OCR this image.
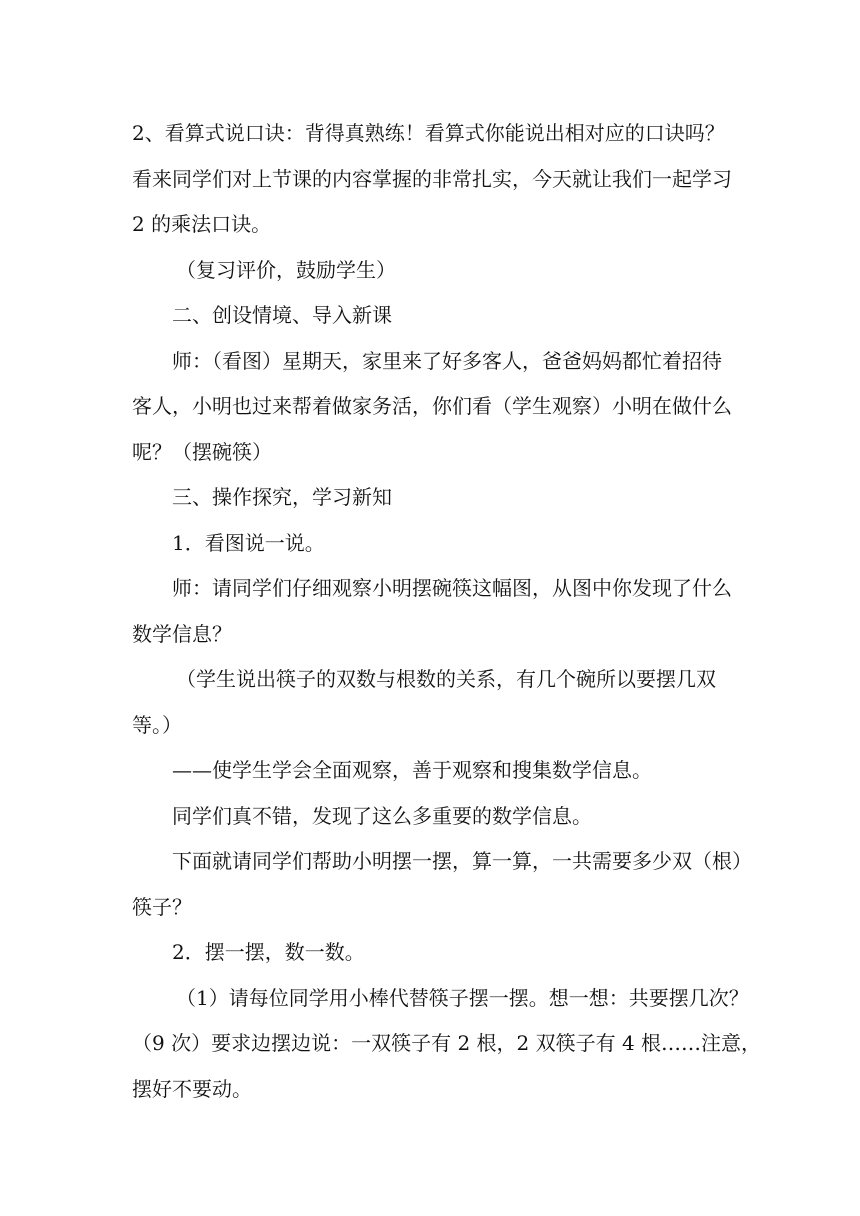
2、看算式说口诀：背得真熟练！看算式你能说出相对应的口诀吗？
看来同学们对上节课的内容掌握的非常扎实，今天就让我们一起学习
2 的乘法口诀。

（复习评价，鼓励学生）

二、创设情境、导入新课

师：（看图）星期天，家里来了好多客人，爸爸妈妈都忙着招待
客人，小明也过来帮着做家务活，你们看（学生观察）小明在做什么
呢？（摆碗筷）

三、操作探究，学习新知

1．看图说一说。

师：请同学们仔细观察小明摆碗筷这幅图，从图中你发现了什么
数学信息？

（学生说出筷子的双数与根数的关系，有几个碗所以要摆几双
等。）

——使学生学会全面观察，善于观察和搜集数学信息。

同学们真不错，发现了这么多重要的数学信息。

下面就请同学们帮助小明摆一摆，算一算，一共需要多少双（根）
筷子？

2．摆一摆，数一数。

（1）请每位同学用小棒代替筷子摆一摆。想一想：共要摆几次？
（9 次）要求边摆边说：一双筷子有 2 根，2 双筷子有 4 根……注意，
摆好不要动。
